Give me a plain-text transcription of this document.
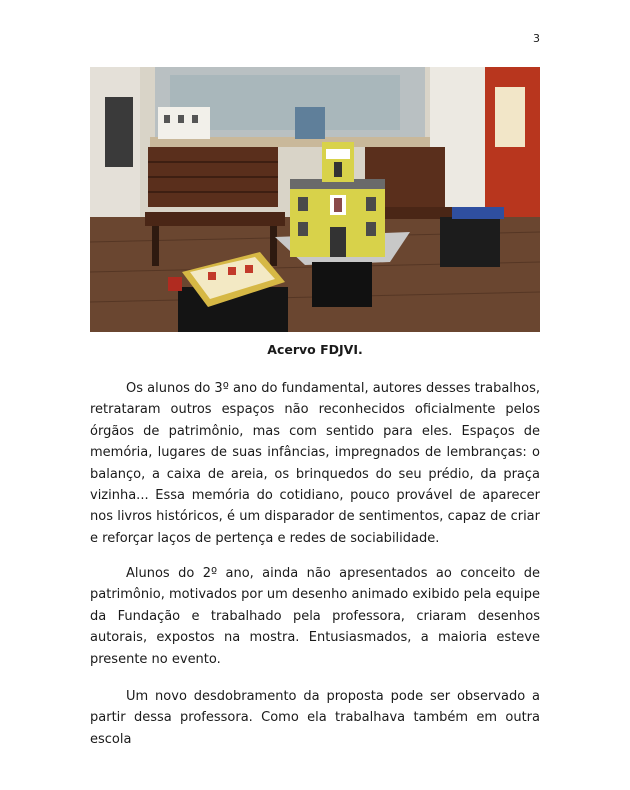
3
Acervo FDJVI.

Os alunos do 3º ano do fundamental, autores desses trabalhos, retrataram outros espaços não reconhecidos oficialmente pelos órgãos de patrimônio, mas com sentido para eles. Espaços de memória, lugares de suas infâncias, impregnados de lembranças: o balanço, a caixa de areia, os brinquedos do seu prédio, da praça vizinha... Essa memória do cotidiano, pouco provável de aparecer nos livros históricos, é um disparador de sentimentos, capaz de criar e reforçar laços de pertença e redes de sociabilidade.

Alunos do 2º ano, ainda não apresentados ao conceito de patrimônio, motivados por um desenho animado exibido pela equipe da Fundação e trabalhado pela professora, criaram desenhos autorais, expostos na mostra. Entusiasmados, a maioria esteve presente no evento.

Um novo desdobramento da proposta pode ser observado a partir dessa professora. Como ela trabalhava também em outra escola
